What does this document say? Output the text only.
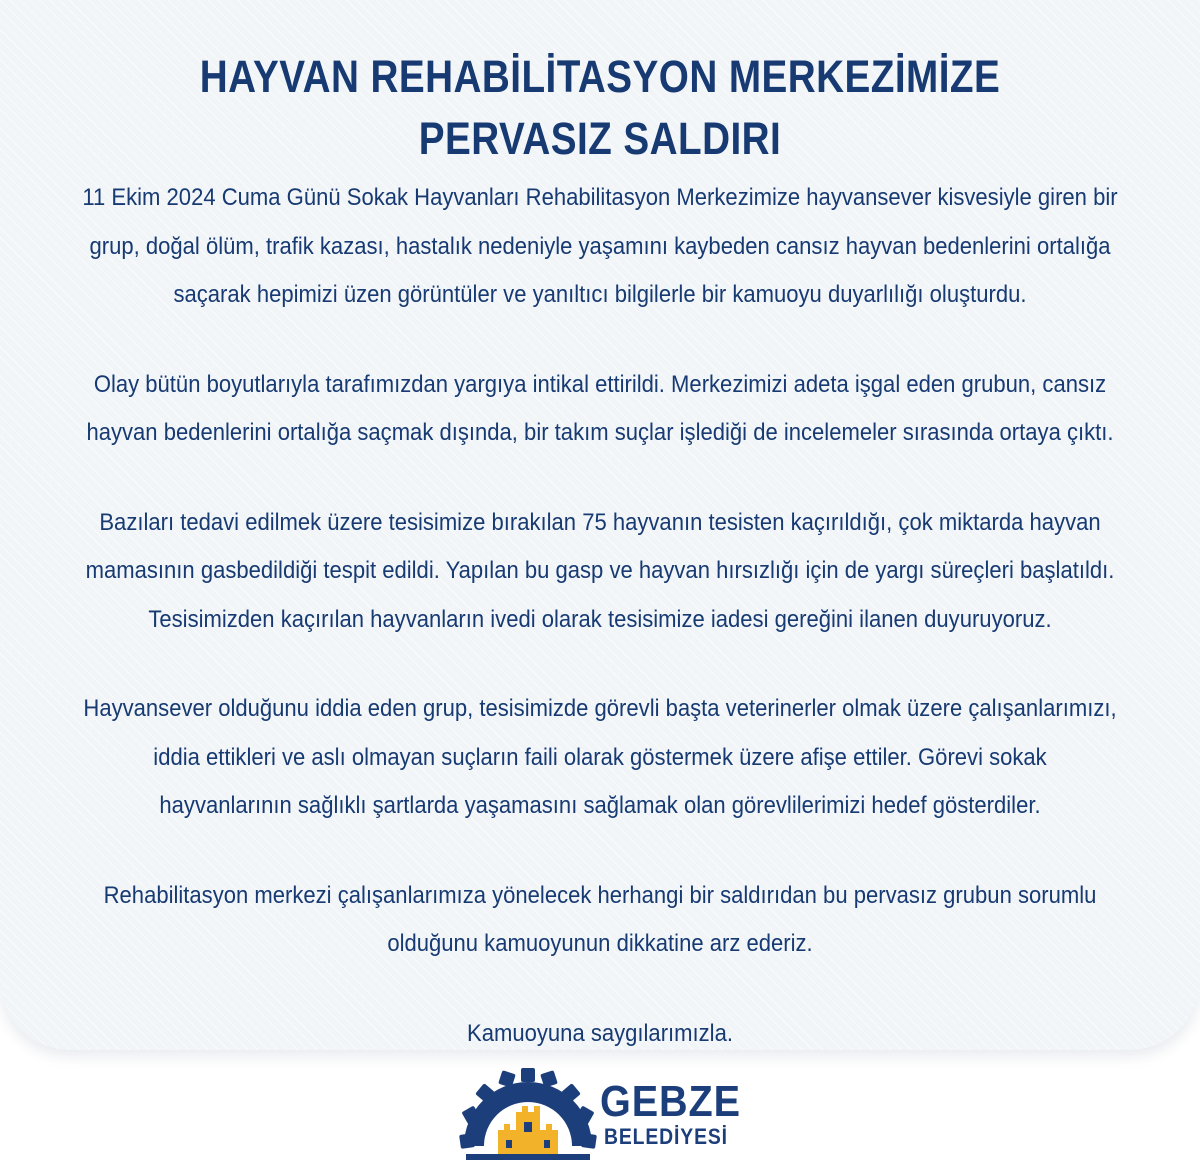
HAYVAN REHABİLİTASYON MERKEZİMİZE
PERVASIZ SALDIRI

11 Ekim 2024 Cuma Günü Sokak Hayvanları Rehabilitasyon Merkezimize hayvansever kisvesiyle giren bir
grup, doğal ölüm, trafik kazası, hastalık nedeniyle yaşamını kaybeden cansız hayvan bedenlerini ortalığa
saçarak hepimizi üzen görüntüler ve yanıltıcı bilgilerle bir kamuoyu duyarlılığı oluşturdu.

Olay bütün boyutlarıyla tarafımızdan yargıya intikal ettirildi. Merkezimizi adeta işgal eden grubun, cansız
hayvan bedenlerini ortalığa saçmak dışında, bir takım suçlar işlediği de incelemeler sırasında ortaya çıktı.

Bazıları tedavi edilmek üzere tesisimize bırakılan 75 hayvanın tesisten kaçırıldığı, çok miktarda hayvan
mamasının gasbedildiği tespit edildi. Yapılan bu gasp ve hayvan hırsızlığı için de yargı süreçleri başlatıldı.
Tesisimizden kaçırılan hayvanların ivedi olarak tesisimize iadesi gereğini ilanen duyuruyoruz.

Hayvansever olduğunu iddia eden grup, tesisimizde görevli başta veterinerler olmak üzere çalışanlarımızı,
iddia ettikleri ve aslı olmayan suçların faili olarak göstermek üzere afişe ettiler. Görevi sokak
hayvanlarının sağlıklı şartlarda yaşamasını sağlamak olan görevlilerimizi hedef gösterdiler.

Rehabilitasyon merkezi çalışanlarımıza yönelecek herhangi bir saldırıdan bu pervasız grubun sorumlu
olduğunu kamuoyunun dikkatine arz ederiz.

Kamuoyuna saygılarımızla.

GEBZE
BELEDİYESİ
